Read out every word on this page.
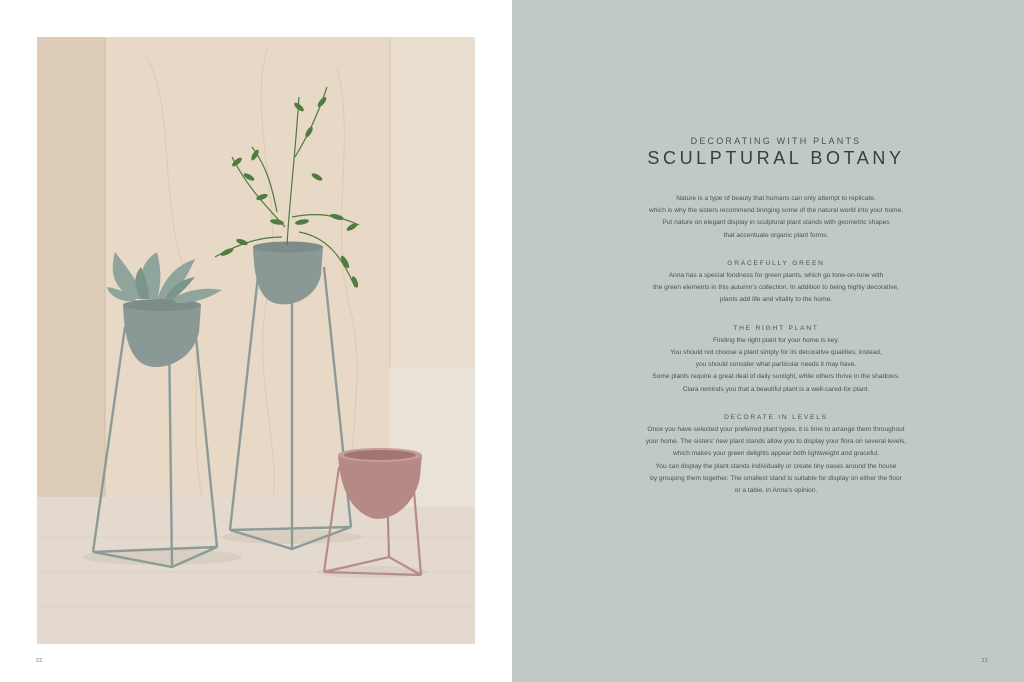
22

DECORATING WITH PLANTS

SCULPTURAL BOTANY

Nature is a type of beauty that humans can only attempt to replicate,

which is why the sisters recommend bringing some of the natural world into your home.

Put nature on elegant display in sculptural plant stands with geometric shapes

that accentuate organic plant forms.

GRACEFULLY GREEN

Anna has a special fondness for green plants, which go tone-on-tone with

the green elements in this autumn's collection. In addition to being highly decorative,

plants add life and vitality to the home.

THE RIGHT PLANT

Finding the right plant for your home is key.

You should not choose a plant simply for its decorative qualities; instead,

you should consider what particular needs it may have.

Some plants require a great deal of daily sunlight, while others thrive in the shadows.

Clara reminds you that a beautiful plant is a well-cared-for plant.

DECORATE IN LEVELS

Once you have selected your preferred plant types, it is time to arrange them throughout

your home. The sisters' new plant stands allow you to display your flora on several levels,

which makes your green delights appear both lightweight and graceful.

You can display the plant stands individually or create tiny oases around the house

by grouping them together. The smallest stand is suitable for display on either the floor

or a table, in Anna's opinion.

23
